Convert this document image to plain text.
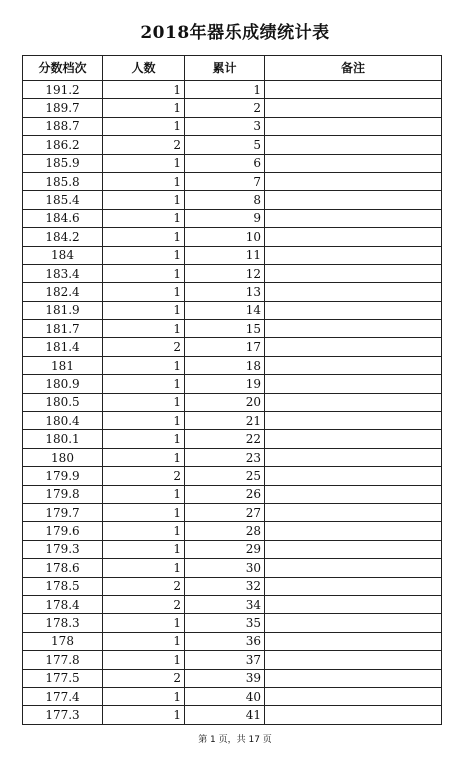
2018年器乐成绩统计表
分数档次	人数	累计	备注
191.2	1	1	
189.7	1	2	
188.7	1	3	
186.2	2	5	
185.9	1	6	
185.8	1	7	
185.4	1	8	
184.6	1	9	
184.2	1	10	
184	1	11	
183.4	1	12	
182.4	1	13	
181.9	1	14	
181.7	1	15	
181.4	2	17	
181	1	18	
180.9	1	19	
180.5	1	20	
180.4	1	21	
180.1	1	22	
180	1	23	
179.9	2	25	
179.8	1	26	
179.7	1	27	
179.6	1	28	
179.3	1	29	
178.6	1	30	
178.5	2	32	
178.4	2	34	
178.3	1	35	
178	1	36	
177.8	1	37	
177.5	2	39	
177.4	1	40	
177.3	1	41	
第 1 页，共 17 页
